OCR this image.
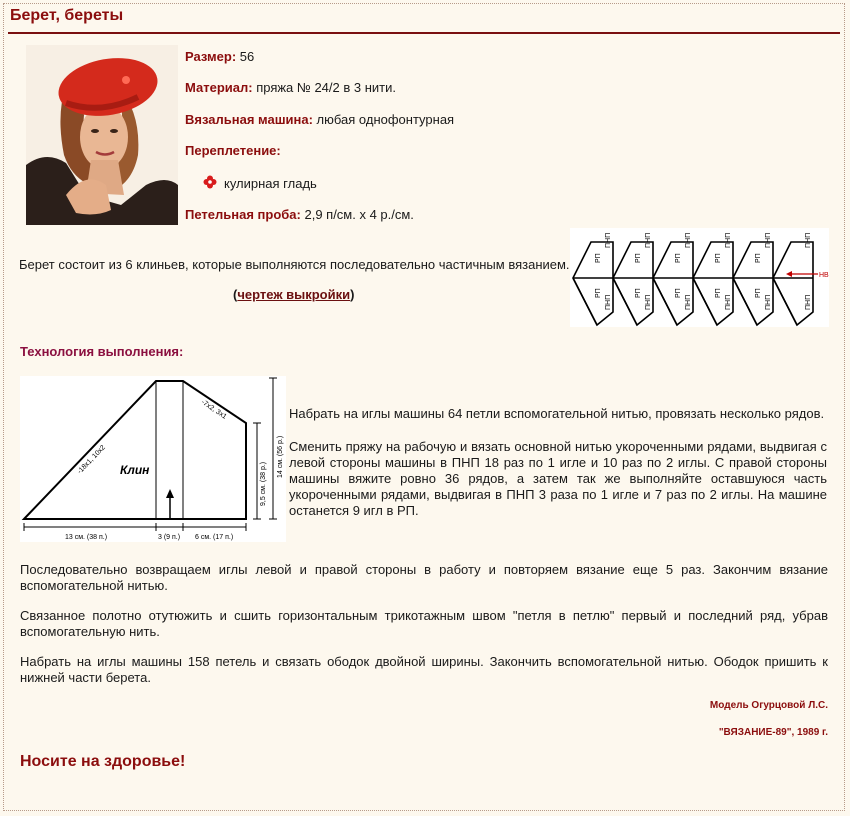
Берет, береты
Размер: 56
Материал: пряжа № 24/2 в 3 нити.
Вязальная машина: любая однофонтурная
Переплетение:
кулирная гладь
Петельная проба: 2,9 п/см. х 4 р./см.
Берет состоит из 6 клиньев, которые выполняются последовательно частичным вязанием.
(чертеж выкройки)
ПНП
ПНП
РП
РП
ПНП
ПНП
РП
РП
ПНП
ПНП
РП
РП
ПНП
ПНП
РП
РП
ПНП
ПНП
РП
РП
ПНП
ПНП
НВ
Технология выполнения:
Клин
-18x1, 10x2
-7x2, 3x1
13 см. (38 п.)	3 (9 п.) 6 см. (17 п.)
9,5 см. (38 р.)
14 см. (56 р.)
Набрать на иглы машины 64 петли вспомогательной нитью, провязать несколько рядов.
Сменить пряжу на рабочую и вязать основной нитью укороченными рядами, выдвигая с левой стороны машины в ПНП 18 раз по 1 игле и 10 раз по 2 иглы. С правой стороны машины вяжите ровно 36 рядов, а затем так же выполняйте оставшуюся часть укороченными рядами, выдвигая в ПНП 3 раза по 1 игле и 7 раз по 2 иглы. На машине останется 9 игл в РП.
Последовательно возвращаем иглы левой и правой стороны в работу и повторяем вязание еще 5 раз. Закончим вязание вспомогательной нитью.
Связанное полотно отутюжить и сшить горизонтальным трикотажным швом "петля в петлю" первый и последний ряд, убрав вспомогательную нить.
Набрать на иглы машины 158 петель и связать ободок двойной ширины. Закончить вспомогательной нитью. Ободок пришить к нижней части берета.
Модель Огурцовой Л.С.
"ВЯЗАНИЕ-89", 1989 г.
Носите на здоровье!
